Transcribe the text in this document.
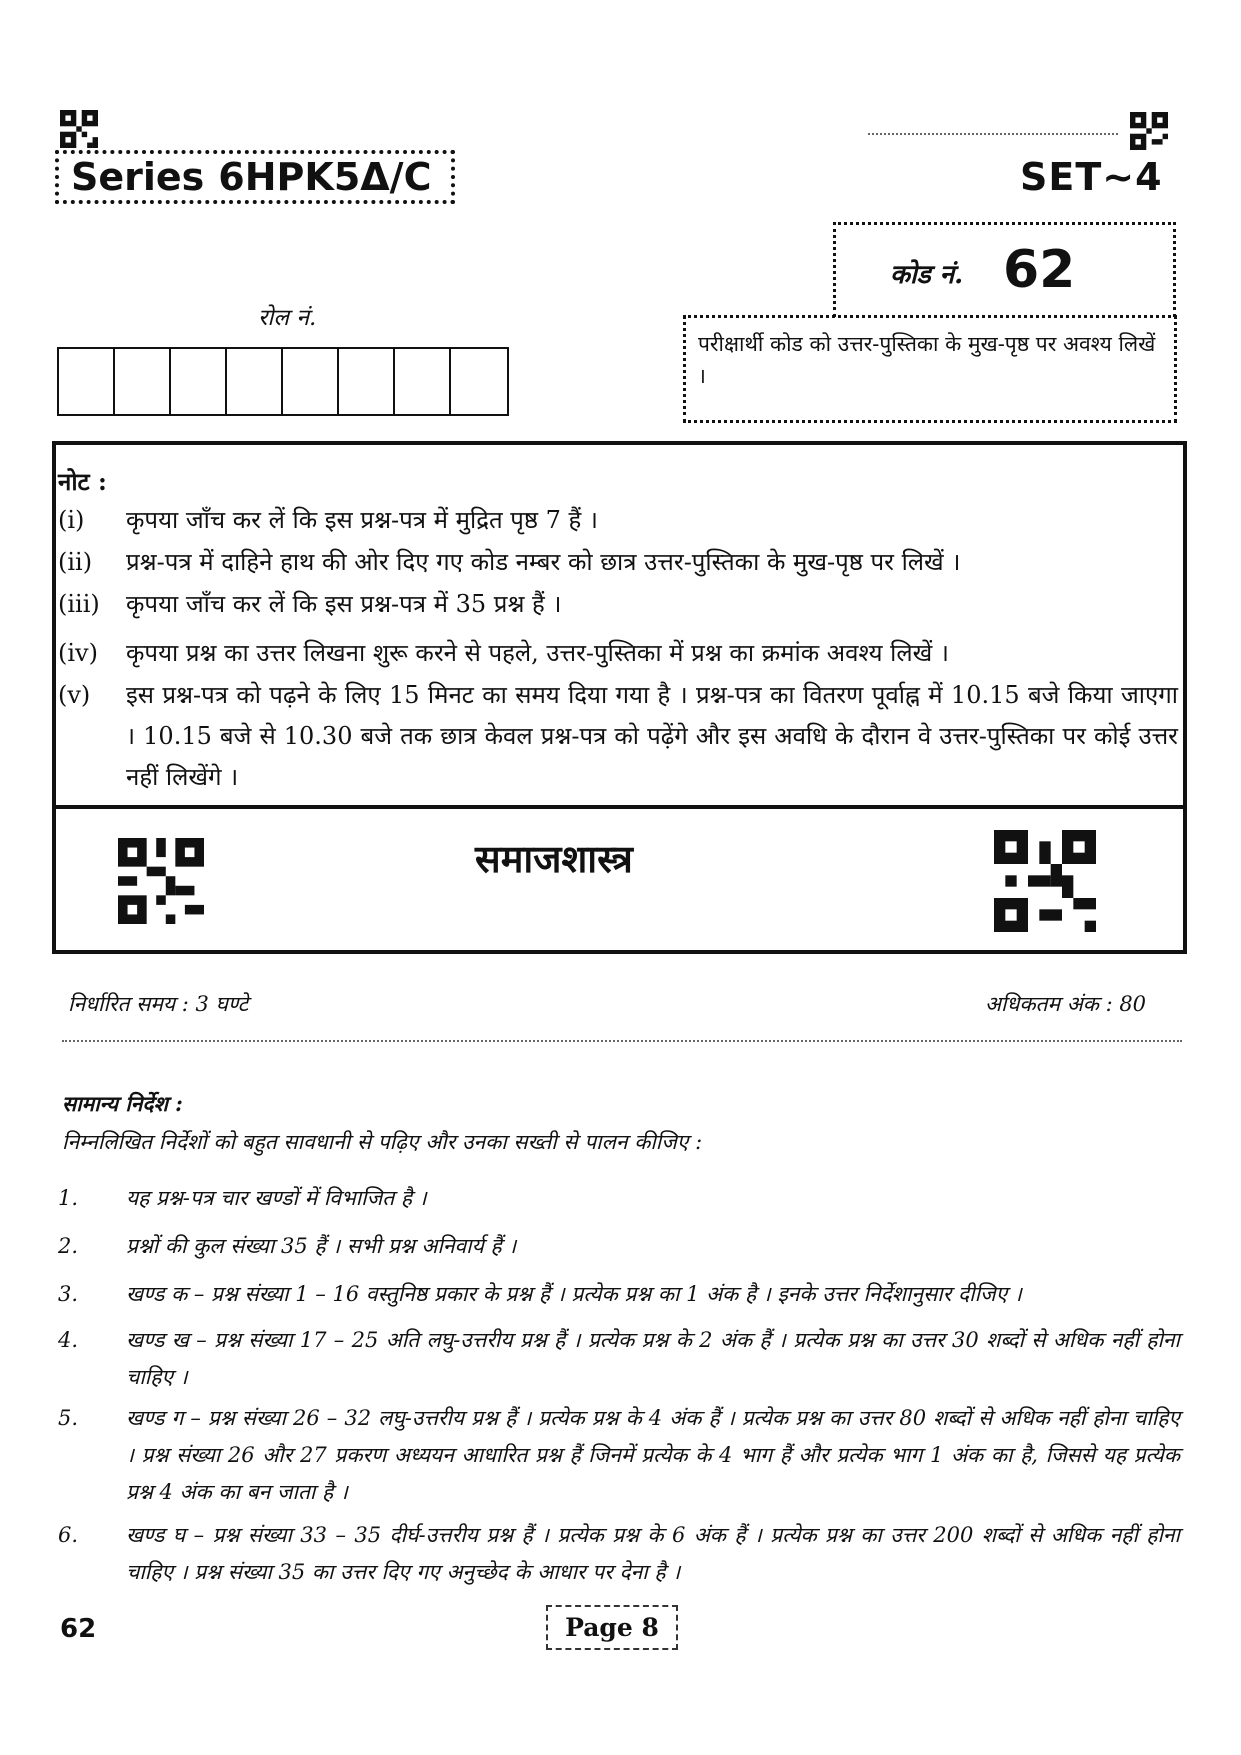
Series 6HPK5Δ/C	SET~4
कोड नं. 62
परीक्षार्थी कोड को उत्तर-पुस्तिका के मुख-पृष्ठ पर अवश्य लिखें ।
रोल नं.
नोट :
(i) कृपया जाँच कर लें कि इस प्रश्न-पत्र में मुद्रित पृष्ठ 7 हैं ।
(ii) प्रश्न-पत्र में दाहिने हाथ की ओर दिए गए कोड नम्बर को छात्र उत्तर-पुस्तिका के मुख-पृष्ठ पर लिखें ।
(iii) कृपया जाँच कर लें कि इस प्रश्न-पत्र में 35 प्रश्न हैं ।
(iv) कृपया प्रश्न का उत्तर लिखना शुरू करने से पहले, उत्तर-पुस्तिका में प्रश्न का क्रमांक अवश्य लिखें ।
(v) इस प्रश्न-पत्र को पढ़ने के लिए 15 मिनट का समय दिया गया है । प्रश्न-पत्र का वितरण पूर्वाह्न में 10.15 बजे किया जाएगा । 10.15 बजे से 10.30 बजे तक छात्र केवल प्रश्न-पत्र को पढ़ेंगे और इस अवधि के दौरान वे उत्तर-पुस्तिका पर कोई उत्तर नहीं लिखेंगे ।
समाजशास्त्र
निर्धारित समय : 3 घण्टे	अधिकतम अंक : 80
सामान्य निर्देश :
निम्नलिखित निर्देशों को बहुत सावधानी से पढ़िए और उनका सख्ती से पालन कीजिए :
1. यह प्रश्न-पत्र चार खण्डों में विभाजित है ।
2. प्रश्नों की कुल संख्या 35 हैं । सभी प्रश्न अनिवार्य हैं ।
3. खण्ड क – प्रश्न संख्या 1 – 16 वस्तुनिष्ठ प्रकार के प्रश्न हैं । प्रत्येक प्रश्न का 1 अंक है । इनके उत्तर निर्देशानुसार दीजिए ।
4. खण्ड ख – प्रश्न संख्या 17 – 25 अति लघु-उत्तरीय प्रश्न हैं । प्रत्येक प्रश्न के 2 अंक हैं । प्रत्येक प्रश्न का उत्तर 30 शब्दों से अधिक नहीं होना चाहिए ।
5. खण्ड ग – प्रश्न संख्या 26 – 32 लघु-उत्तरीय प्रश्न हैं । प्रत्येक प्रश्न के 4 अंक हैं । प्रत्येक प्रश्न का उत्तर 80 शब्दों से अधिक नहीं होना चाहिए । प्रश्न संख्या 26 और 27 प्रकरण अध्ययन आधारित प्रश्न हैं जिनमें प्रत्येक के 4 भाग हैं और प्रत्येक भाग 1 अंक का है, जिससे यह प्रत्येक प्रश्न 4 अंक का बन जाता है ।
6. खण्ड घ – प्रश्न संख्या 33 – 35 दीर्घ-उत्तरीय प्रश्न हैं । प्रत्येक प्रश्न के 6 अंक हैं । प्रत्येक प्रश्न का उत्तर 200 शब्दों से अधिक नहीं होना चाहिए । प्रश्न संख्या 35 का उत्तर दिए गए अनुच्छेद के आधार पर देना है ।
62	Page 8
